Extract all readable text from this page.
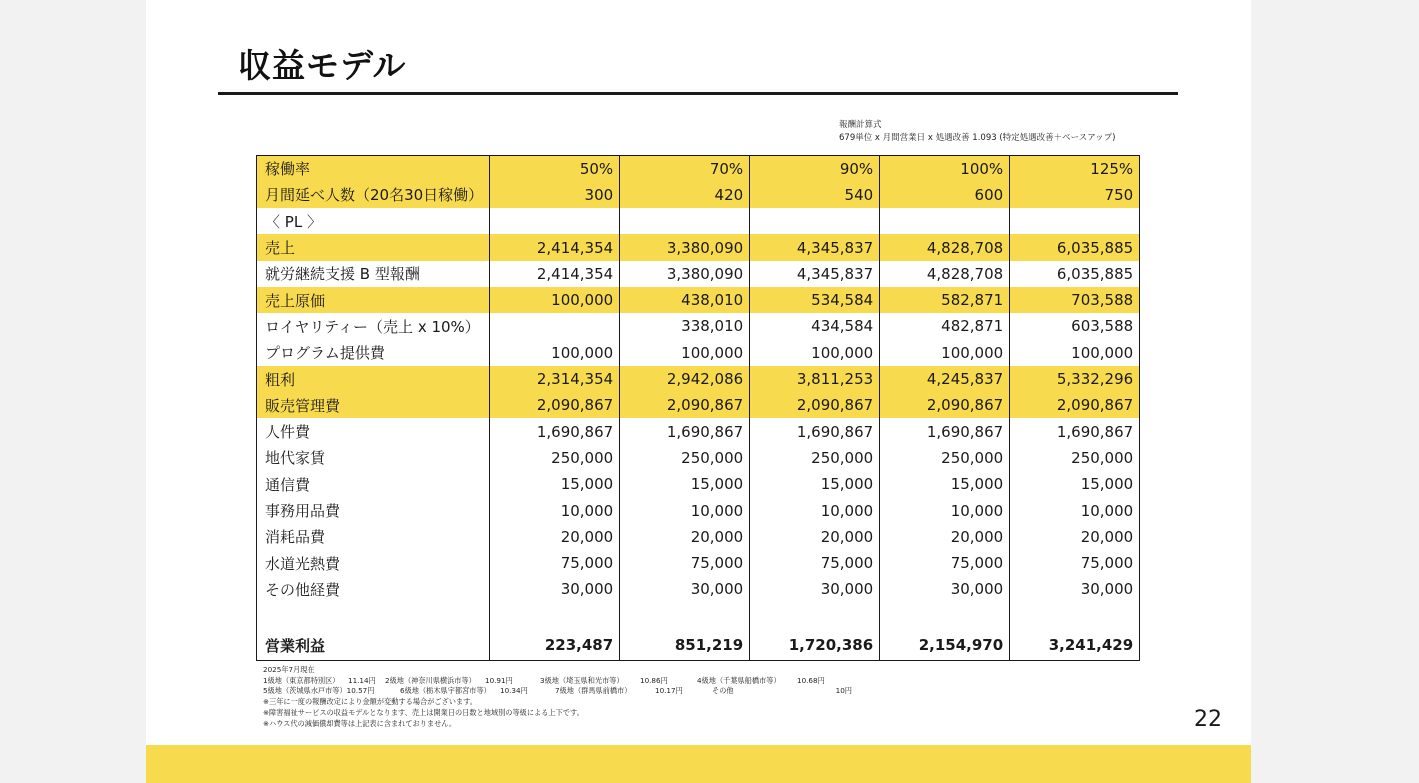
収益モデル
報酬計算式
679単位 x 月間営業日 x 処遇改善 1.093 (特定処遇改善＋ベースアップ)
稼働率	50%	70%	90%	100%	125%
月間延べ人数（20名30日稼働）	300	420	540	600	750
〈 PL 〉					
売上	2,414,354	3,380,090	4,345,837	4,828,708	6,035,885
就労継続支援 B 型報酬	2,414,354	3,380,090	4,345,837	4,828,708	6,035,885
売上原価	100,000	438,010	534,584	582,871	703,588
ロイヤリティー（売上 x 10%）		338,010	434,584	482,871	603,588
プログラム提供費	100,000	100,000	100,000	100,000	100,000
粗利	2,314,354	2,942,086	3,811,253	4,245,837	5,332,296
販売管理費	2,090,867	2,090,867	2,090,867	2,090,867	2,090,867
人件費	1,690,867	1,690,867	1,690,867	1,690,867	1,690,867
地代家賃	250,000	250,000	250,000	250,000	250,000
通信費	15,000	15,000	15,000	15,000	15,000
事務用品費	10,000	10,000	10,000	10,000	10,000
消耗品費	20,000	20,000	20,000	20,000	20,000
水道光熱費	75,000	75,000	75,000	75,000	75,000
その他経費	30,000	30,000	30,000	30,000	30,000

営業利益	223,487	851,219	1,720,386	2,154,970	3,241,429
2025年7月現在
1級地（東京都特別区）	11.14円	2級地（神奈川県横浜市等）	10.91円	3級地（埼玉県和光市等）	10.86円	4級地（千葉県船橋市等）	10.68円
5級地（茨城県水戸市等）10.57円	6級地（栃木県宇都宮市等）	10.34円	7級地（群馬県前橋市）	10.17円	その他	10円
※三年に一度の報酬改定により金額が変動する場合がございます。
※障害福祉サービスの収益モデルとなります、売上は開業日の日数と地域別の等級による上下です。
※ハウス代の減価償却費等は上記表に含まれておりません。	22
